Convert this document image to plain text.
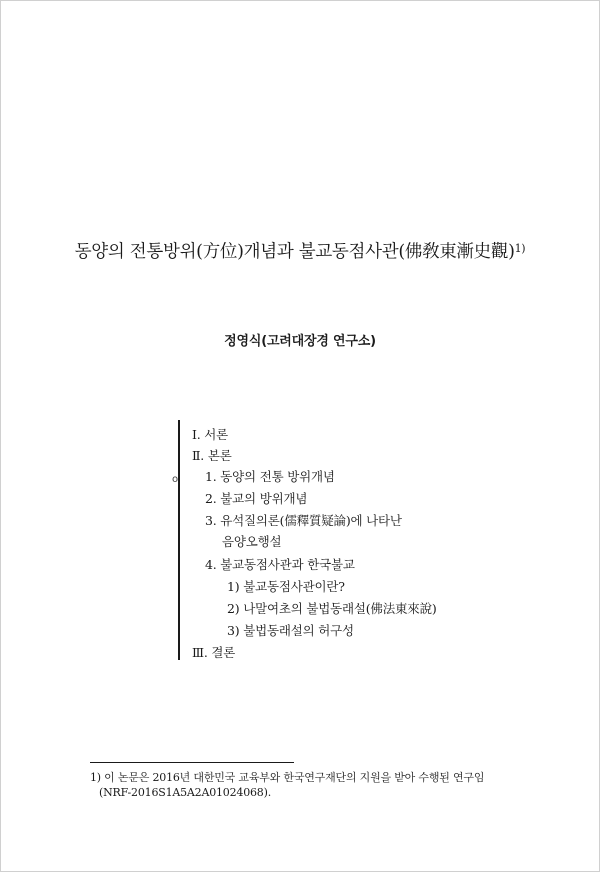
동양의 전통방위(方位)개념과 불교동점사관(佛敎東漸史觀)$^{1)}$
정영식(고려대장경 연구소)
o
Ⅰ. 서론
Ⅱ. 본론
1. 동양의 전통 방위개념
2. 불교의 방위개념
3. 유석질의론(儒釋質疑論)에 나타난
음양오행설
4. 불교동점사관과 한국불교
1) 불교동점사관이란?
2) 나말여초의 불법동래설(佛法東來說)
3) 불법동래설의 허구성
Ⅲ. 결론
1) 이 논문은 2016년 대한민국 교육부와 한국연구재단의 지원을 받아 수행된 연구임
(NRF-2016S1A5A2A01024068).
